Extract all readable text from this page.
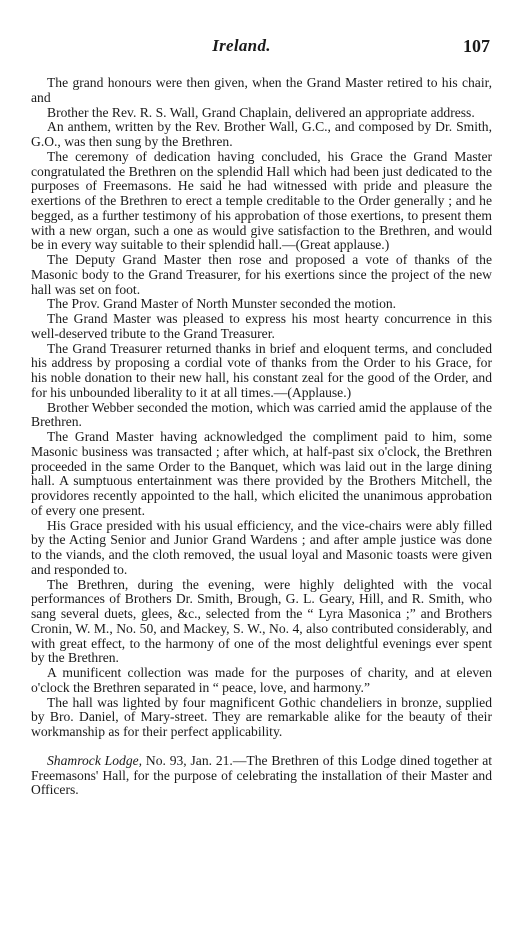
Ireland.	107

The grand honours were then given, when the Grand Master retired to his chair, and

Brother the Rev. R. S. Wall, Grand Chaplain, delivered an appropriate address.

An anthem, written by the Rev. Brother Wall, G.C., and composed by Dr. Smith, G.O., was then sung by the Brethren.

The ceremony of dedication having concluded, his Grace the Grand Master congratulated the Brethren on the splendid Hall which had been just dedicated to the purposes of Freemasons. He said he had witnessed with pride and pleasure the exertions of the Brethren to erect a temple creditable to the Order generally ; and he begged, as a further testimony of his approbation of those exertions, to present them with a new organ, such a one as would give satisfaction to the Brethren, and would be in every way suitable to their splendid hall.—(Great applause.)

The Deputy Grand Master then rose and proposed a vote of thanks of the Masonic body to the Grand Treasurer, for his exertions since the project of the new hall was set on foot.

The Prov. Grand Master of North Munster seconded the motion.

The Grand Master was pleased to express his most hearty concurrence in this well-deserved tribute to the Grand Treasurer.

The Grand Treasurer returned thanks in brief and eloquent terms, and concluded his address by proposing a cordial vote of thanks from the Order to his Grace, for his noble donation to their new hall, his constant zeal for the good of the Order, and for his unbounded liberality to it at all times.—(Applause.)

Brother Webber seconded the motion, which was carried amid the applause of the Brethren.

The Grand Master having acknowledged the compliment paid to him, some Masonic business was transacted ; after which, at half-past six o'clock, the Brethren proceeded in the same Order to the Banquet, which was laid out in the large dining hall. A sumptuous entertainment was there provided by the Brothers Mitchell, the providores recently appointed to the hall, which elicited the unanimous approbation of every one present.

His Grace presided with his usual efficiency, and the vice-chairs were ably filled by the Acting Senior and Junior Grand Wardens ; and after ample justice was done to the viands, and the cloth removed, the usual loyal and Masonic toasts were given and responded to.

The Brethren, during the evening, were highly delighted with the vocal performances of Brothers Dr. Smith, Brough, G. L. Geary, Hill, and R. Smith, who sang several duets, glees, &c., selected from the “ Lyra Masonica ;” and Brothers Cronin, W. M., No. 50, and Mackey, S. W., No. 4, also contributed considerably, and with great effect, to the harmony of one of the most delightful evenings ever spent by the Brethren.

A munificent collection was made for the purposes of charity, and at eleven o'clock the Brethren separated in “ peace, love, and harmony.”

The hall was lighted by four magnificent Gothic chandeliers in bronze, supplied by Bro. Daniel, of Mary-street. They are remarkable alike for the beauty of their workmanship as for their perfect applicability.

Shamrock Lodge, No. 93, Jan. 21.—The Brethren of this Lodge dined together at Freemasons' Hall, for the purpose of celebrating the installation of their Master and Officers.
